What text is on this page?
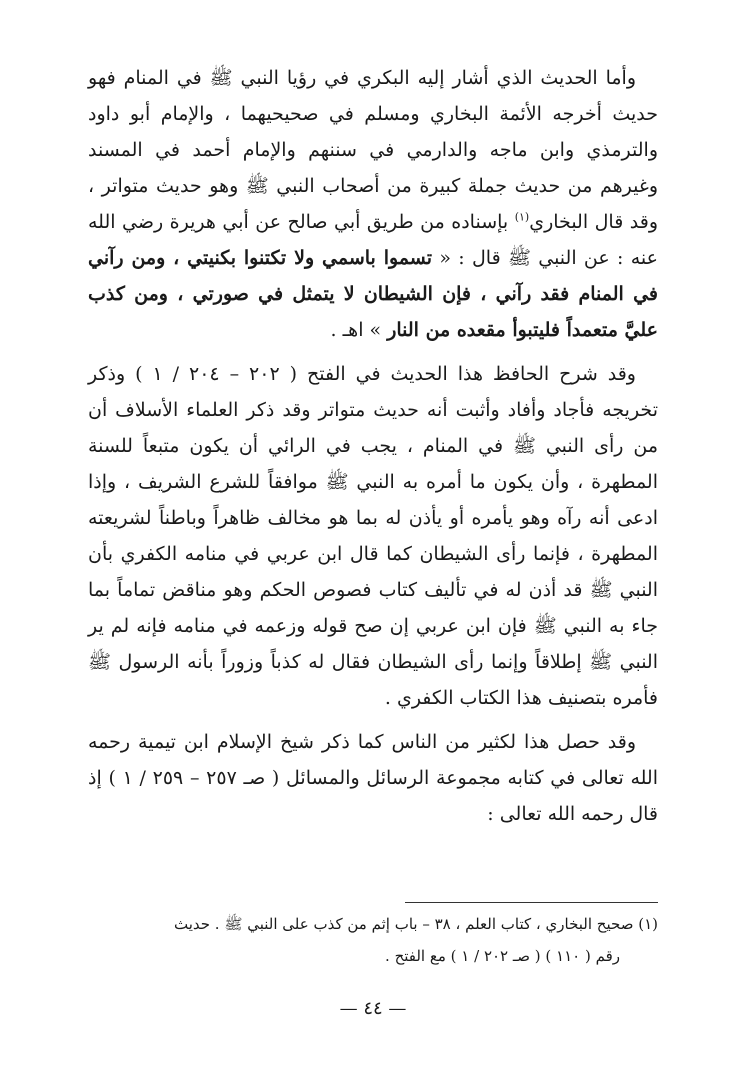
وأما الحديث الذي أشار إليه البكري في رؤيا النبي ﷺ في المنام فهو حديث أخرجه الأئمة البخاري ومسلم في صحيحيهما ، والإمام أبو داود والترمذي وابن ماجه والدارمي في سننهم والإمام أحمد في المسند وغيرهم من حديث جملة كبيرة من أصحاب النبي ﷺ وهو حديث متواتر ، وقد قال البخاري$^{(١)}$ بإسناده من طريق أبي صالح عن أبي هريرة رضي الله عنه : عن النبي ﷺ قال : « تسموا باسمي ولا تكتنوا بكنيتي ، ومن رآني في المنام فقد رآني ، فإن الشيطان لا يتمثل في صورتي ، ومن كذب عليَّ متعمداً فليتبوأ مقعده من النار » اهـ .

وقد شرح الحافظ هذا الحديث في الفتح ( ٢٠٢ – ٢٠٤ / ١ ) وذكر تخريجه فأجاد وأفاد وأثبت أنه حديث متواتر وقد ذكر العلماء الأسلاف أن من رأى النبي ﷺ في المنام ، يجب في الرائي أن يكون متبعاً للسنة المطهرة ، وأن يكون ما أمره به النبي ﷺ موافقاً للشرع الشريف ، وإذا ادعى أنه رآه وهو يأمره أو يأذن له بما هو مخالف ظاهراً وباطناً لشريعته المطهرة ، فإنما رأى الشيطان كما قال ابن عربي في منامه الكفري بأن النبي ﷺ قد أذن له في تأليف كتاب فصوص الحكم وهو مناقض تماماً بما جاء به النبي ﷺ فإن ابن عربي إن صح قوله وزعمه في منامه فإنه لم ير النبي ﷺ إطلاقاً وإنما رأى الشيطان فقال له كذباً وزوراً بأنه الرسول ﷺ فأمره بتصنيف هذا الكتاب الكفري .

وقد حصل هذا لكثير من الناس كما ذكر شيخ الإسلام ابن تيمية رحمه الله تعالى في كتابه مجموعة الرسائل والمسائل ( صـ ٢٥٧ – ٢٥٩ / ١ ) إذ قال رحمه الله تعالى :

(١) صحيح البخاري ، كتاب العلم ، ٣٨ – باب إثم من كذب على النبي ﷺ . حديث
رقم ( ١١٠ ) ( صـ ٢٠٢ / ١ ) مع الفتح .
— ٤٤ —
